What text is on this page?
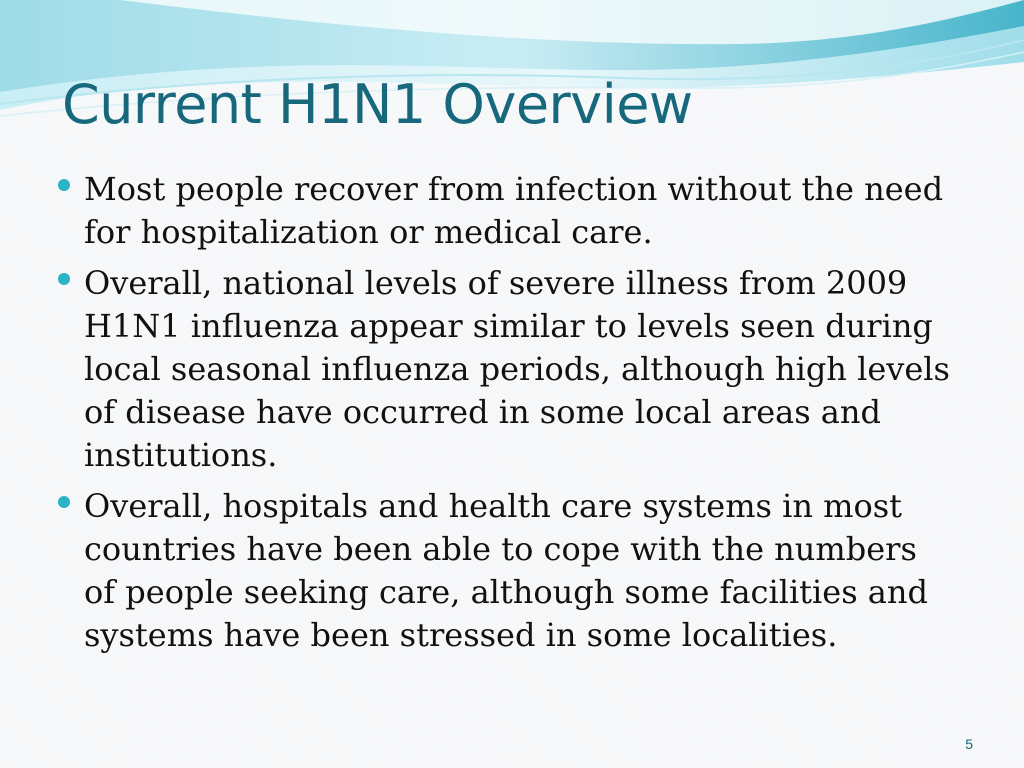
Current H1N1 Overview
Most people recover from infection without the need for hospitalization or medical care.
Overall, national levels of severe illness from 2009 H1N1 influenza appear similar to levels seen during local seasonal influenza periods, although high levels of disease have occurred in some local areas and institutions.
Overall, hospitals and health care systems in most countries have been able to cope with the numbers of people seeking care, although some facilities and systems have been stressed in some localities.
5
